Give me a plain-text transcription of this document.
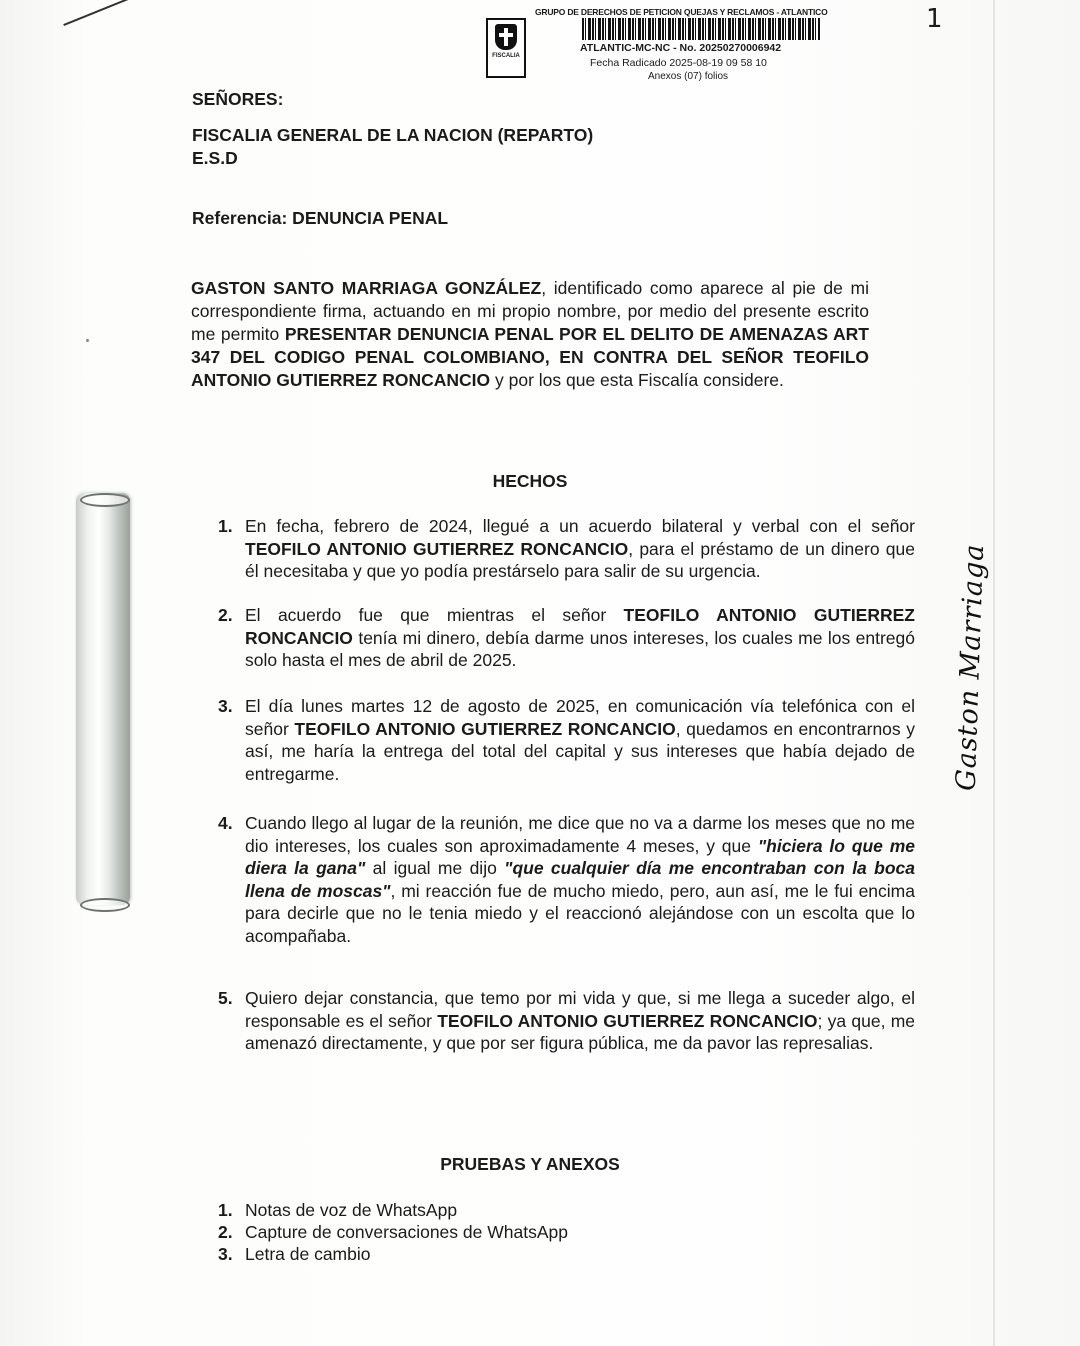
FISCALIA
GRUPO DE DERECHOS DE PETICION QUEJAS Y RECLAMOS - ATLANTICO
ATLANTIC-MC-NC - No. 20250270006942
Fecha Radicado 2025-08-19 09 58 10
Anexos (07) folios
1
SEÑORES:
FISCALIA GENERAL DE LA NACION (REPARTO)
E.S.D
Referencia: DENUNCIA PENAL
GASTON SANTO MARRIAGA GONZÁLEZ, identificado como aparece al pie de mi correspondiente firma, actuando en mi propio nombre, por medio del presente escrito me permito PRESENTAR DENUNCIA PENAL POR EL DELITO DE AMENAZAS ART 347 DEL CODIGO PENAL COLOMBIANO, EN CONTRA DEL SEÑOR TEOFILO ANTONIO GUTIERREZ RONCANCIO y por los que esta Fiscalía considere.
HECHOS
1. En fecha, febrero de 2024, llegué a un acuerdo bilateral y verbal con el señor TEOFILO ANTONIO GUTIERREZ RONCANCIO, para el préstamo de un dinero que él necesitaba y que yo podía prestárselo para salir de su urgencia.
2. El acuerdo fue que mientras el señor TEOFILO ANTONIO GUTIERREZ RONCANCIO tenía mi dinero, debía darme unos intereses, los cuales me los entregó solo hasta el mes de abril de 2025.
3. El día lunes martes 12 de agosto de 2025, en comunicación vía telefónica con el señor TEOFILO ANTONIO GUTIERREZ RONCANCIO, quedamos en encontrarnos y así, me haría la entrega del total del capital y sus intereses que había dejado de entregarme.
4. Cuando llego al lugar de la reunión, me dice que no va a darme los meses que no me dio intereses, los cuales son aproximadamente 4 meses, y que "hiciera lo que me diera la gana" al igual me dijo "que cualquier día me encontraban con la boca llena de moscas", mi reacción fue de mucho miedo, pero, aun así, me le fui encima para decirle que no le tenia miedo y el reaccionó alejándose con un escolta que lo acompañaba.
5. Quiero dejar constancia, que temo por mi vida y que, si me llega a suceder algo, el responsable es el señor TEOFILO ANTONIO GUTIERREZ RONCANCIO; ya que, me amenazó directamente, y que por ser figura pública, me da pavor las represalias.
PRUEBAS Y ANEXOS
1. Notas de voz de WhatsApp
2. Capture de conversaciones de WhatsApp
3. Letra de cambio
Gaston Marriaga
